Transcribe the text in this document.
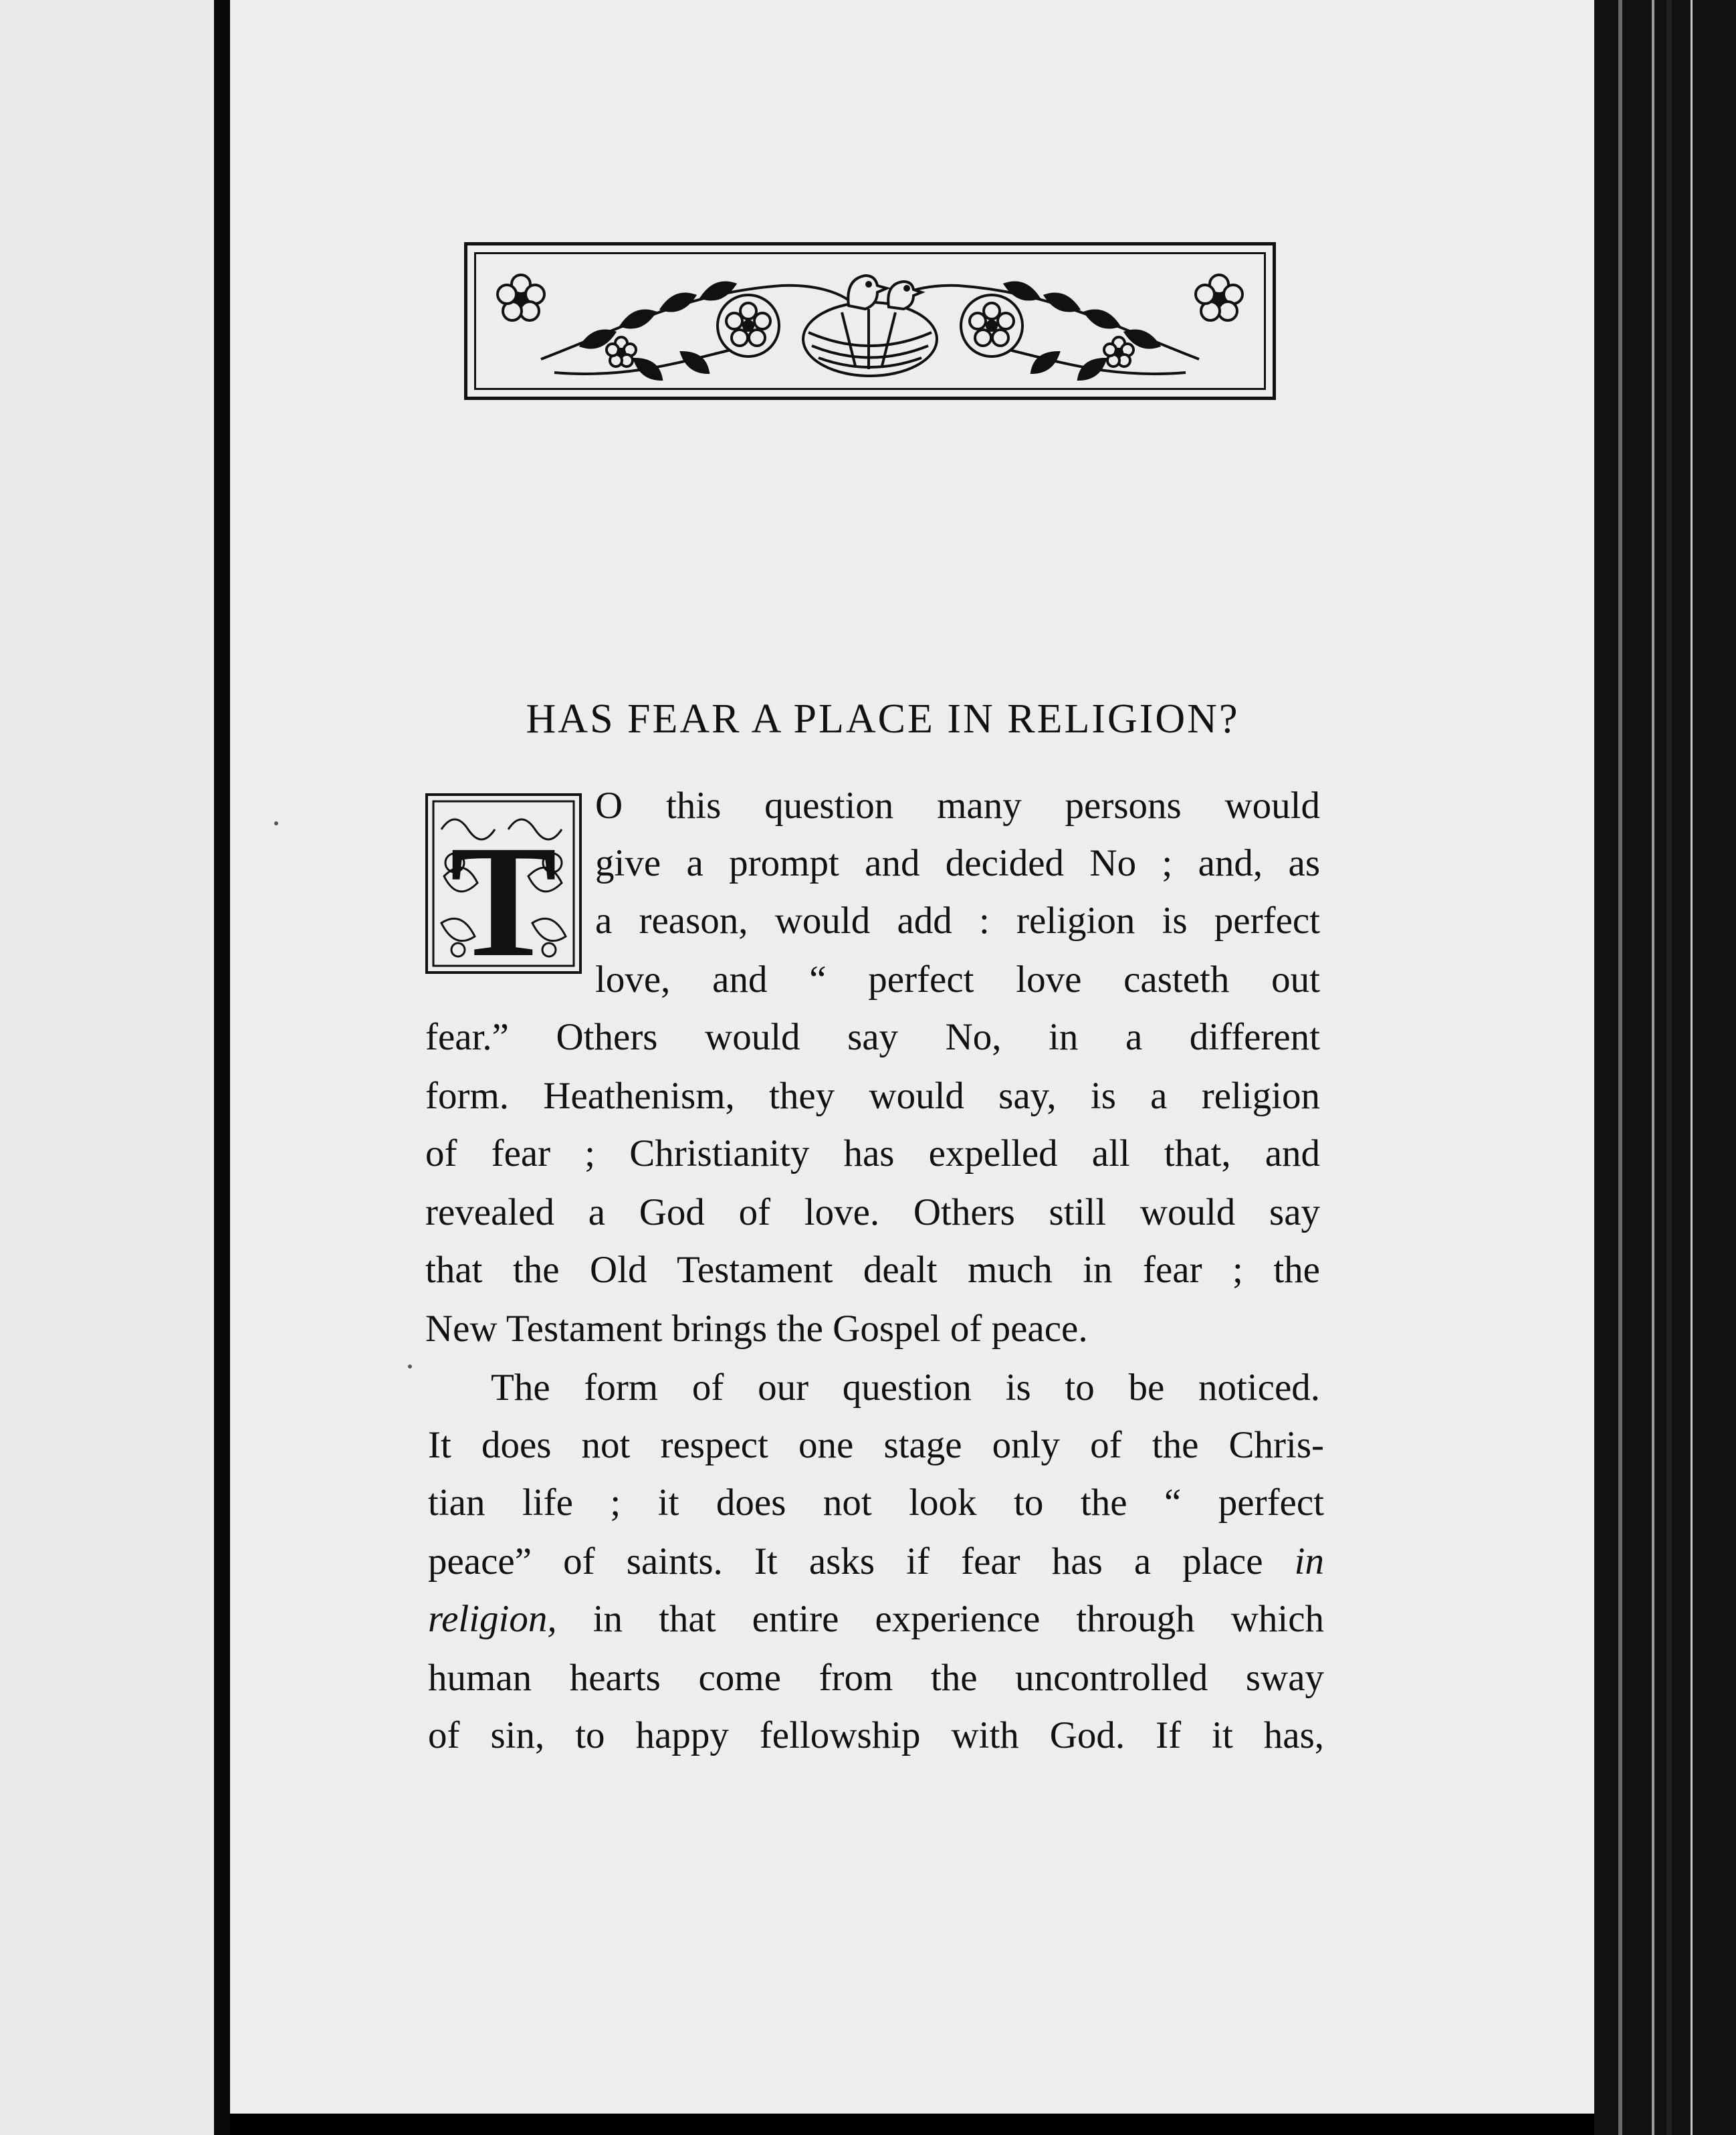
HAS FEAR A PLACE IN RELIGION?
T
O this question many persons would
give a prompt and decided No ; and, as
a reason, would add : religion is perfect
love, and “ perfect love casteth out
fear.” Others would say No, in a different
form. Heathenism, they would say, is a religion
of fear ; Christianity has expelled all that, and
revealed a God of love. Others still would say
that the Old Testament dealt much in fear ; the
New Testament brings the Gospel of peace.
The form of our question is to be noticed.
It does not respect one stage only of the Chris-
tian life ; it does not look to the “ perfect
peace” of saints. It asks if fear has a place in
religion, in that entire experience through which
human hearts come from the uncontrolled sway
of sin, to happy fellowship with God. If it has,
